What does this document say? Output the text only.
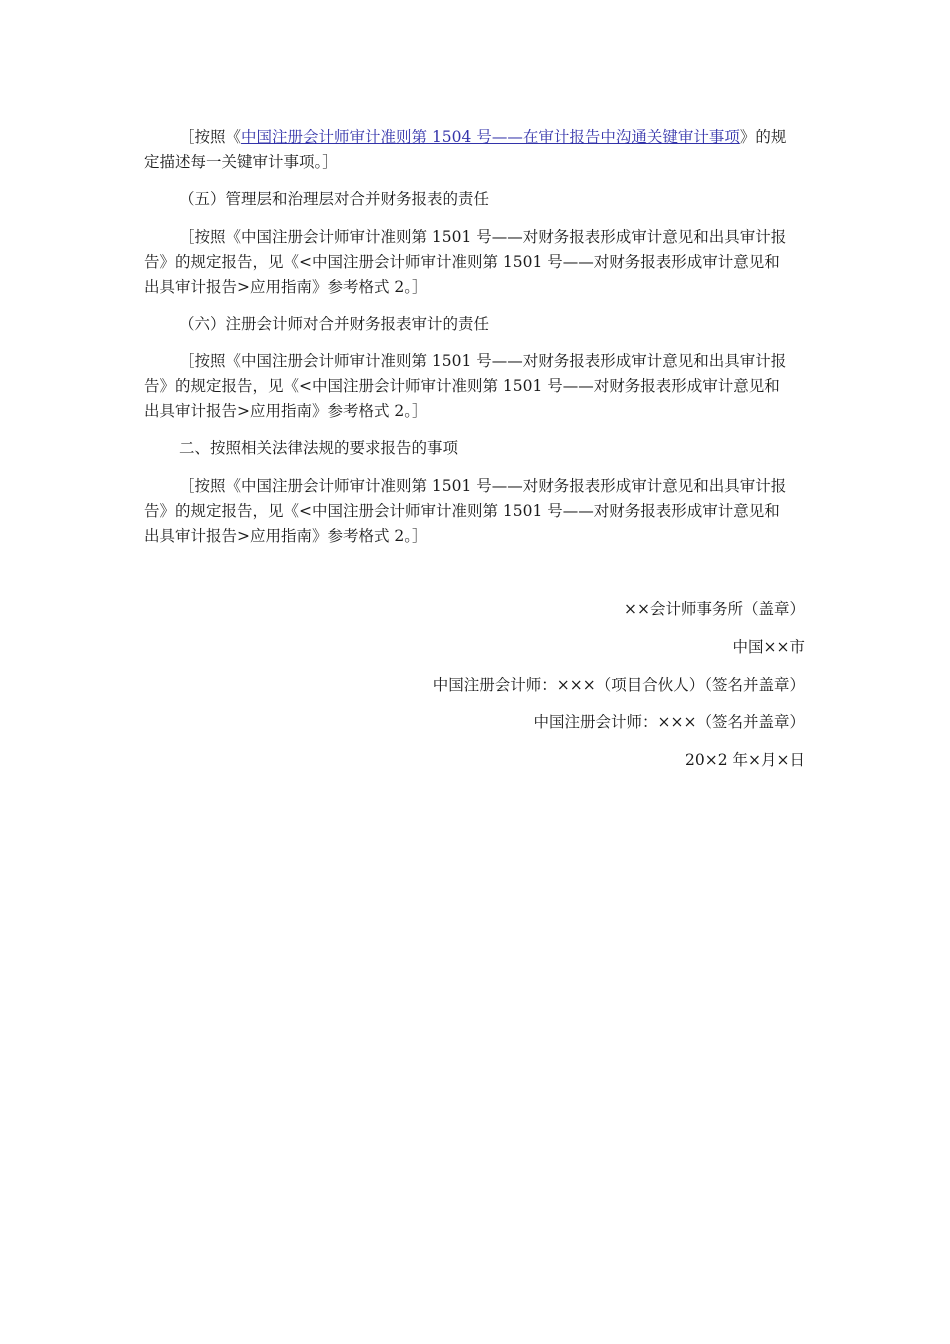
［按照《中国注册会计师审计准则第 1504 号——在审计报告中沟通关键审计事项》的规定描述每一关键审计事项。］

（五）管理层和治理层对合并财务报表的责任

［按照《中国注册会计师审计准则第 1501 号——对财务报表形成审计意见和出具审计报告》的规定报告，见《<中国注册会计师审计准则第 1501 号——对财务报表形成审计意见和出具审计报告>应用指南》参考格式 2。］

（六）注册会计师对合并财务报表审计的责任

［按照《中国注册会计师审计准则第 1501 号——对财务报表形成审计意见和出具审计报告》的规定报告，见《<中国注册会计师审计准则第 1501 号——对财务报表形成审计意见和出具审计报告>应用指南》参考格式 2。］

二、按照相关法律法规的要求报告的事项

［按照《中国注册会计师审计准则第 1501 号——对财务报表形成审计意见和出具审计报告》的规定报告，见《<中国注册会计师审计准则第 1501 号——对财务报表形成审计意见和出具审计报告>应用指南》参考格式 2。］

××会计师事务所（盖章）

中国××市

中国注册会计师：×××（项目合伙人）（签名并盖章）

中国注册会计师：×××（签名并盖章）

20×2 年×月×日
